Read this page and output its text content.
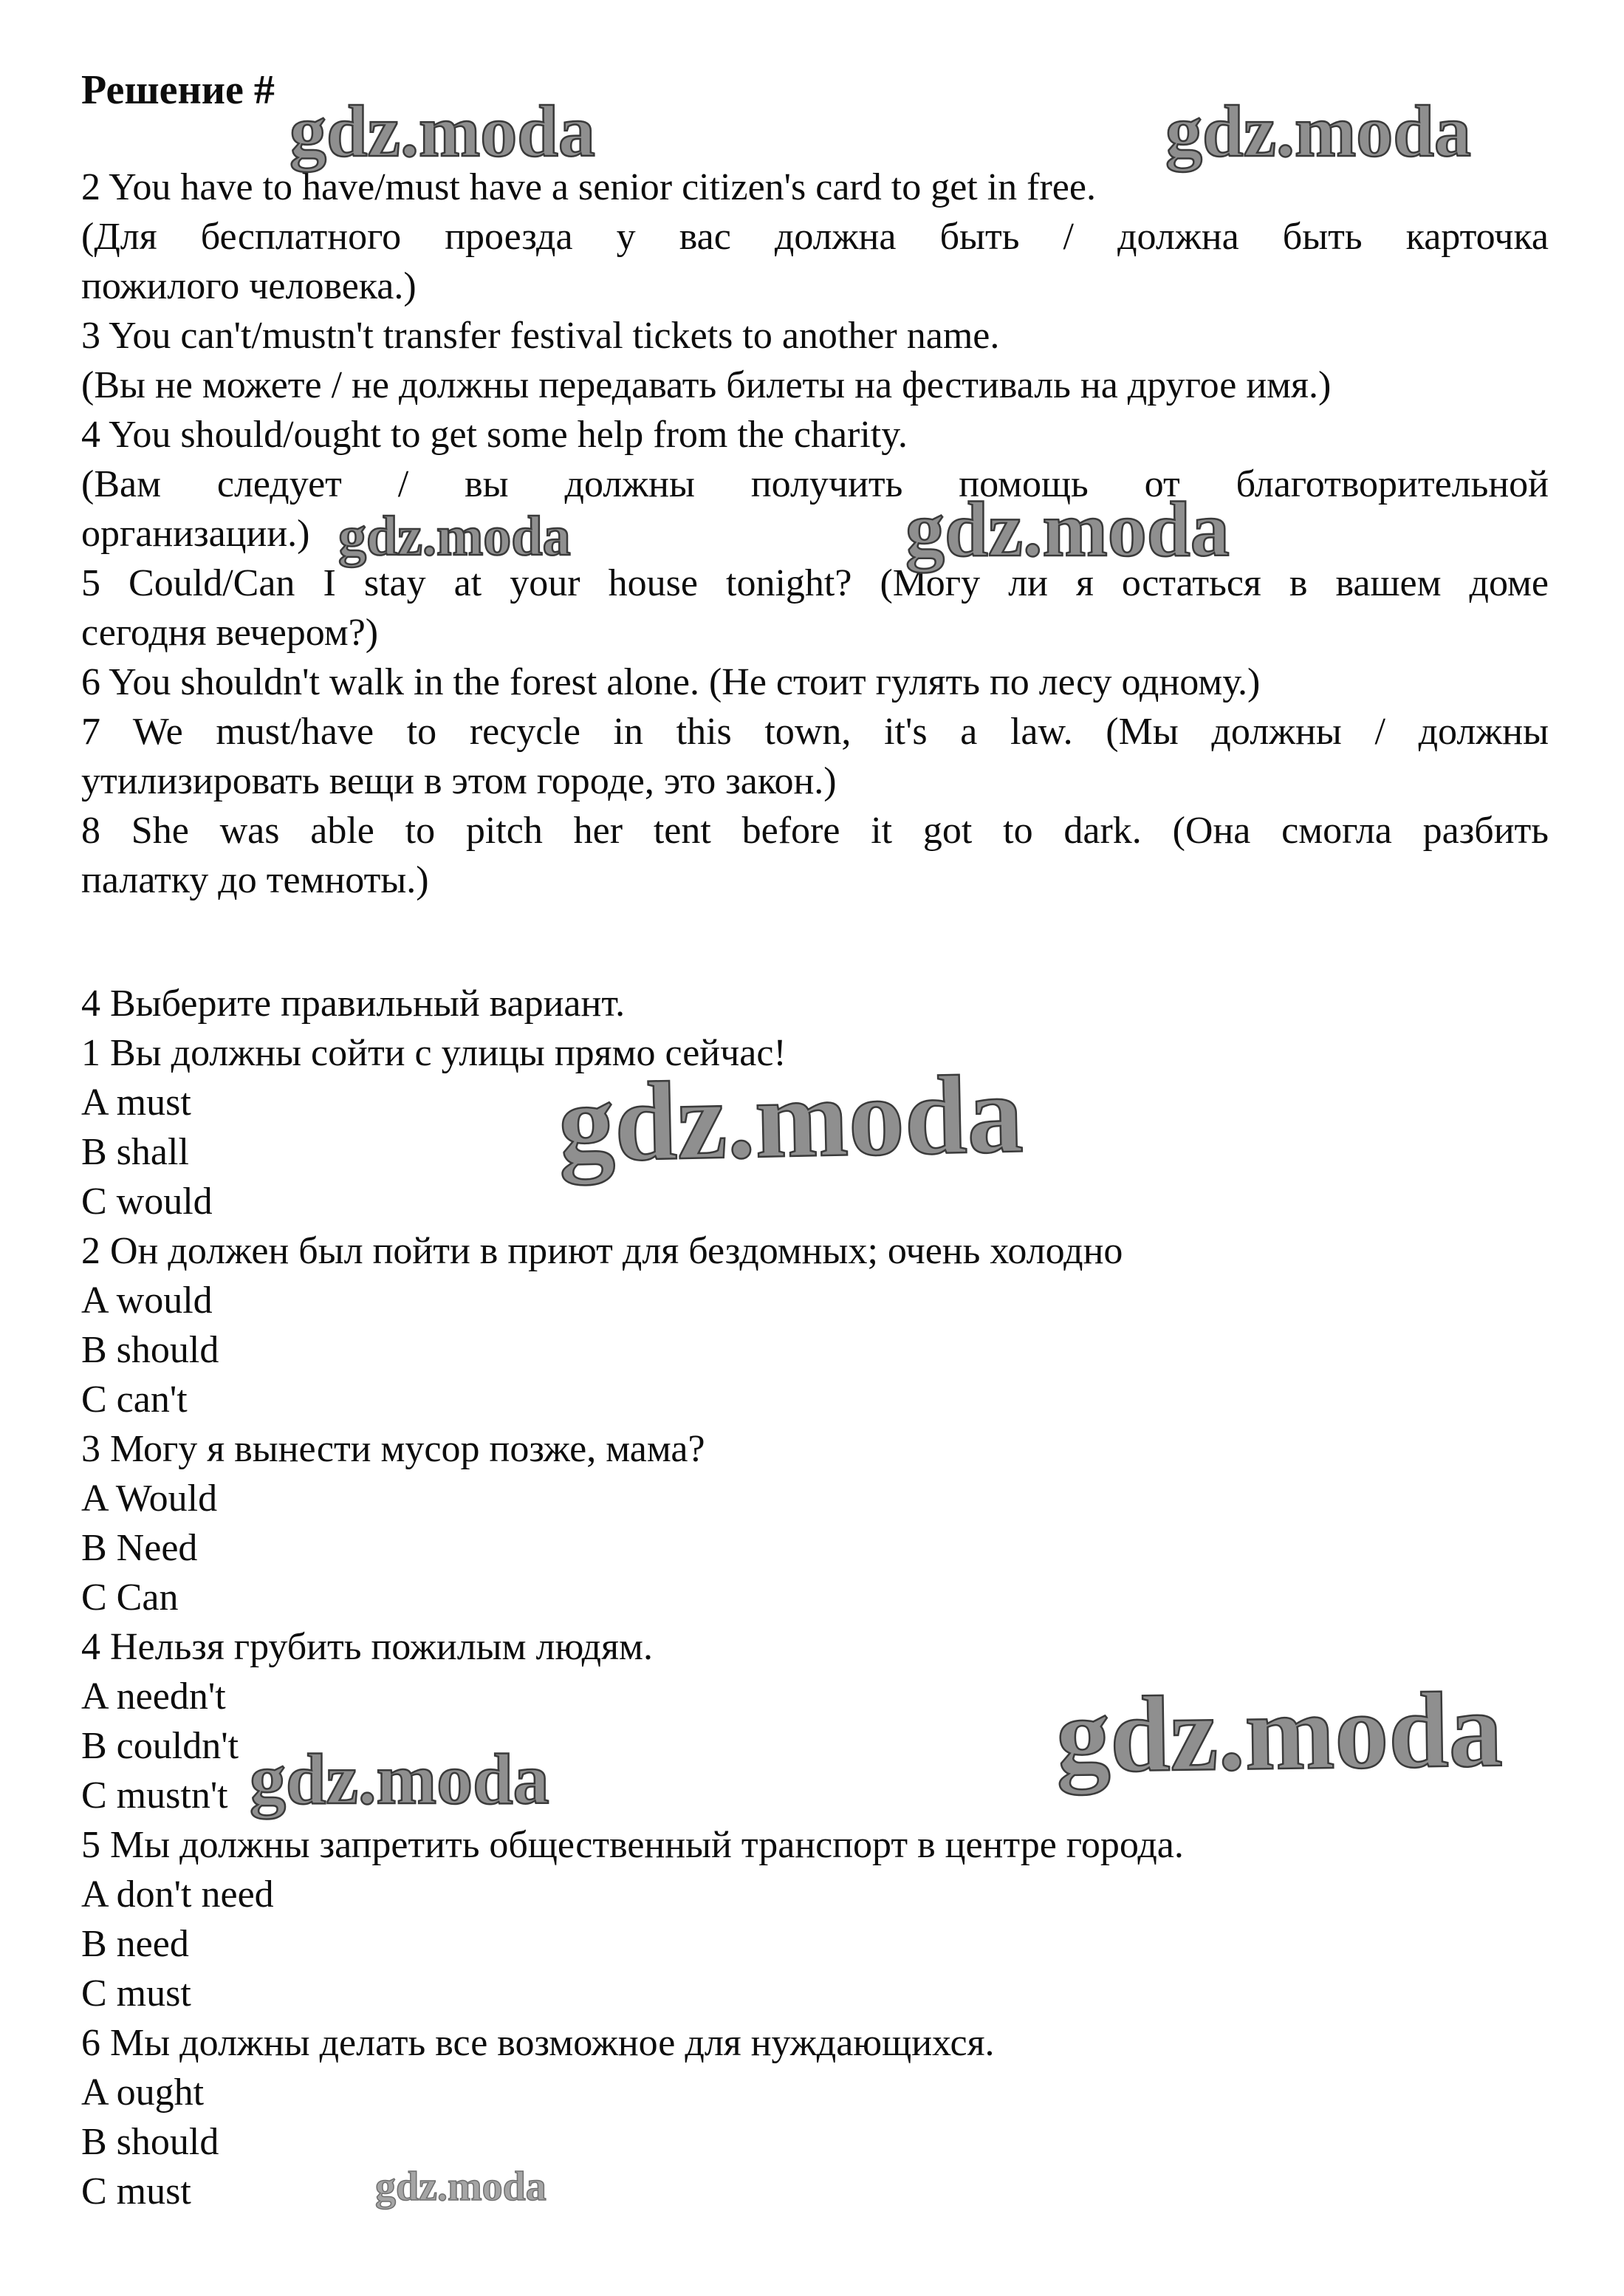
Решение #
2 You have to have/must have a senior citizen's card to get in free.
(Для бесплатного проезда у вас должна быть / должна быть карточка
пожилого человека.)
3 You can't/mustn't transfer festival tickets to another name.
(Вы не можете / не должны передавать билеты на фестиваль на другое имя.)
4 You should/ought to get some help from the charity.
(Вам следует / вы должны получить помощь от благотворительной
организации.)
5 Could/Can I stay at your house tonight? (Могу ли я остаться в вашем доме
сегодня вечером?)
6 You shouldn't walk in the forest alone. (Не стоит гулять по лесу одному.)
7 We must/have to recycle in this town, it's a law. (Мы должны / должны
утилизировать вещи в этом городе, это закон.)
8 She was able to pitch her tent before it got to dark. (Она смогла разбить
палатку до темноты.)
4 Выберите правильный вариант.
1 Вы должны сойти с улицы прямо сейчас!
A must
B shall
C would
2 Он должен был пойти в приют для бездомных; очень холодно
A would
B should
C can't
3 Могу я вынести мусор позже, мама?
A Would
B Need
C Can
4 Нельзя грубить пожилым людям.
A needn't
B couldn't
C mustn't
5 Мы должны запретить общественный транспорт в центре города.
A don't need
B need
C must
6 Мы должны делать все возможное для нуждающихся.
A ought
B should
C must
gdz.moda	gdz.moda
gdz.moda	gdz.moda
gdz.moda
gdz.moda
gdz.moda
gdz.moda
